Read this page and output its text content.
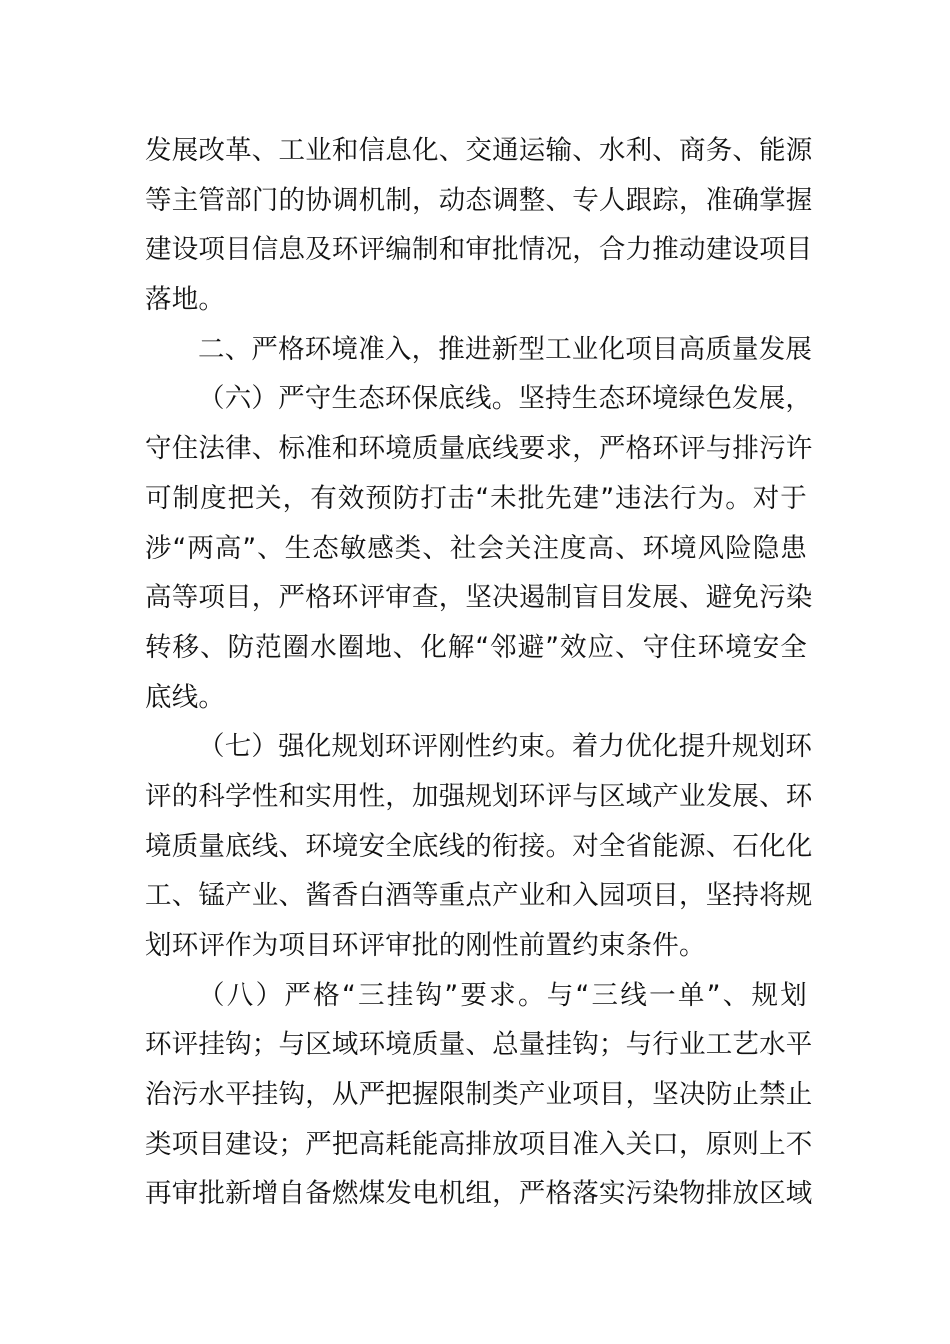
发展改革、工业和信息化、交通运输、水利、商务、能源
等主管部门的协调机制，动态调整、专人跟踪，准确掌握
建设项目信息及环评编制和审批情况，合力推动建设项目
落地。
二、严格环境准入，推进新型工业化项目高质量发展
（六）严守生态环保底线。坚持生态环境绿色发展，
守住法律、标准和环境质量底线要求，严格环评与排污许
可制度把关，有效预防打击“未批先建”违法行为。对于
涉“两高”、生态敏感类、社会关注度高、环境风险隐患
高等项目，严格环评审查，坚决遏制盲目发展、避免污染
转移、防范圈水圈地、化解“邻避”效应、守住环境安全
底线。
（七）强化规划环评刚性约束。着力优化提升规划环
评的科学性和实用性，加强规划环评与区域产业发展、环
境质量底线、环境安全底线的衔接。对全省能源、石化化
工、锰产业、酱香白酒等重点产业和入园项目，坚持将规
划环评作为项目环评审批的刚性前置约束条件。
（八）严格“三挂钩”要求。与“三线一单”、规划
环评挂钩；与区域环境质量、总量挂钩；与行业工艺水平
治污水平挂钩，从严把握限制类产业项目，坚决防止禁止
类项目建设；严把高耗能高排放项目准入关口，原则上不
再审批新增自备燃煤发电机组，严格落实污染物排放区域
